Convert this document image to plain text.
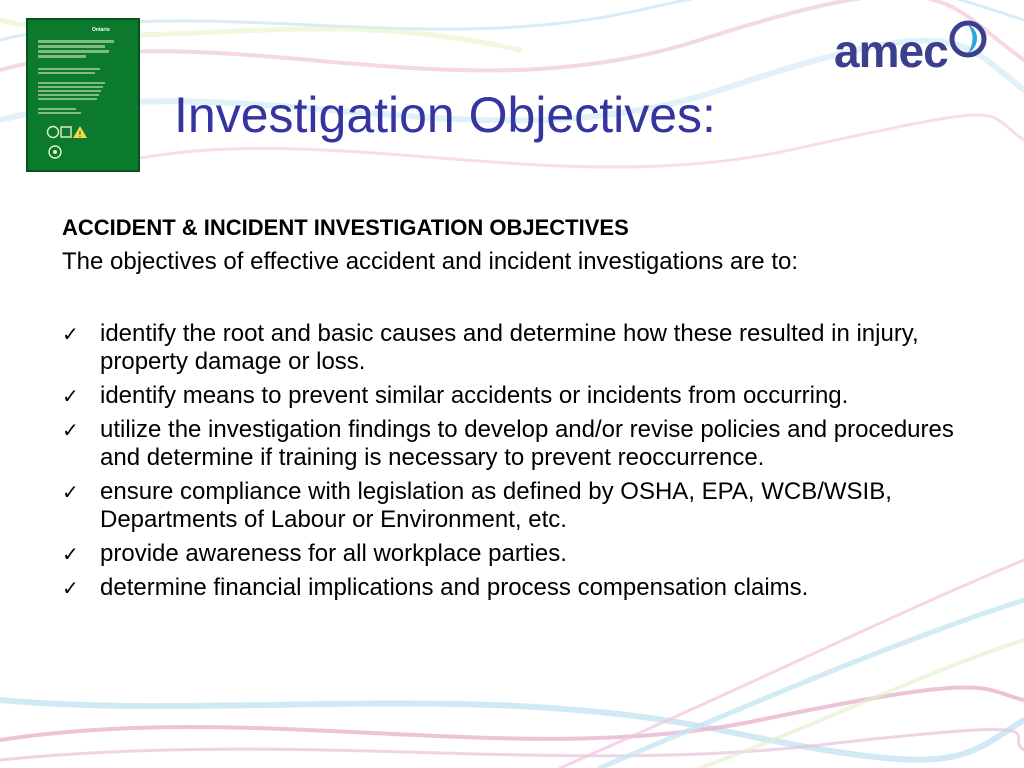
Ontario
!
amec
Investigation Objectives:

ACCIDENT & INCIDENT INVESTIGATION OBJECTIVES

The objectives of effective accident and incident investigations are to:

✓ identify the root and basic causes and determine how these resulted in injury, property damage or loss.
✓ identify means to prevent similar accidents or incidents from occurring.
✓ utilize the investigation findings to develop and/or revise policies and procedures and determine if training is necessary to prevent reoccurrence.
✓ ensure compliance with legislation as defined by OSHA, EPA, WCB/WSIB, Departments of Labour or Environment, etc.
✓ provide awareness for all workplace parties.
✓ determine financial implications and process compensation claims.
